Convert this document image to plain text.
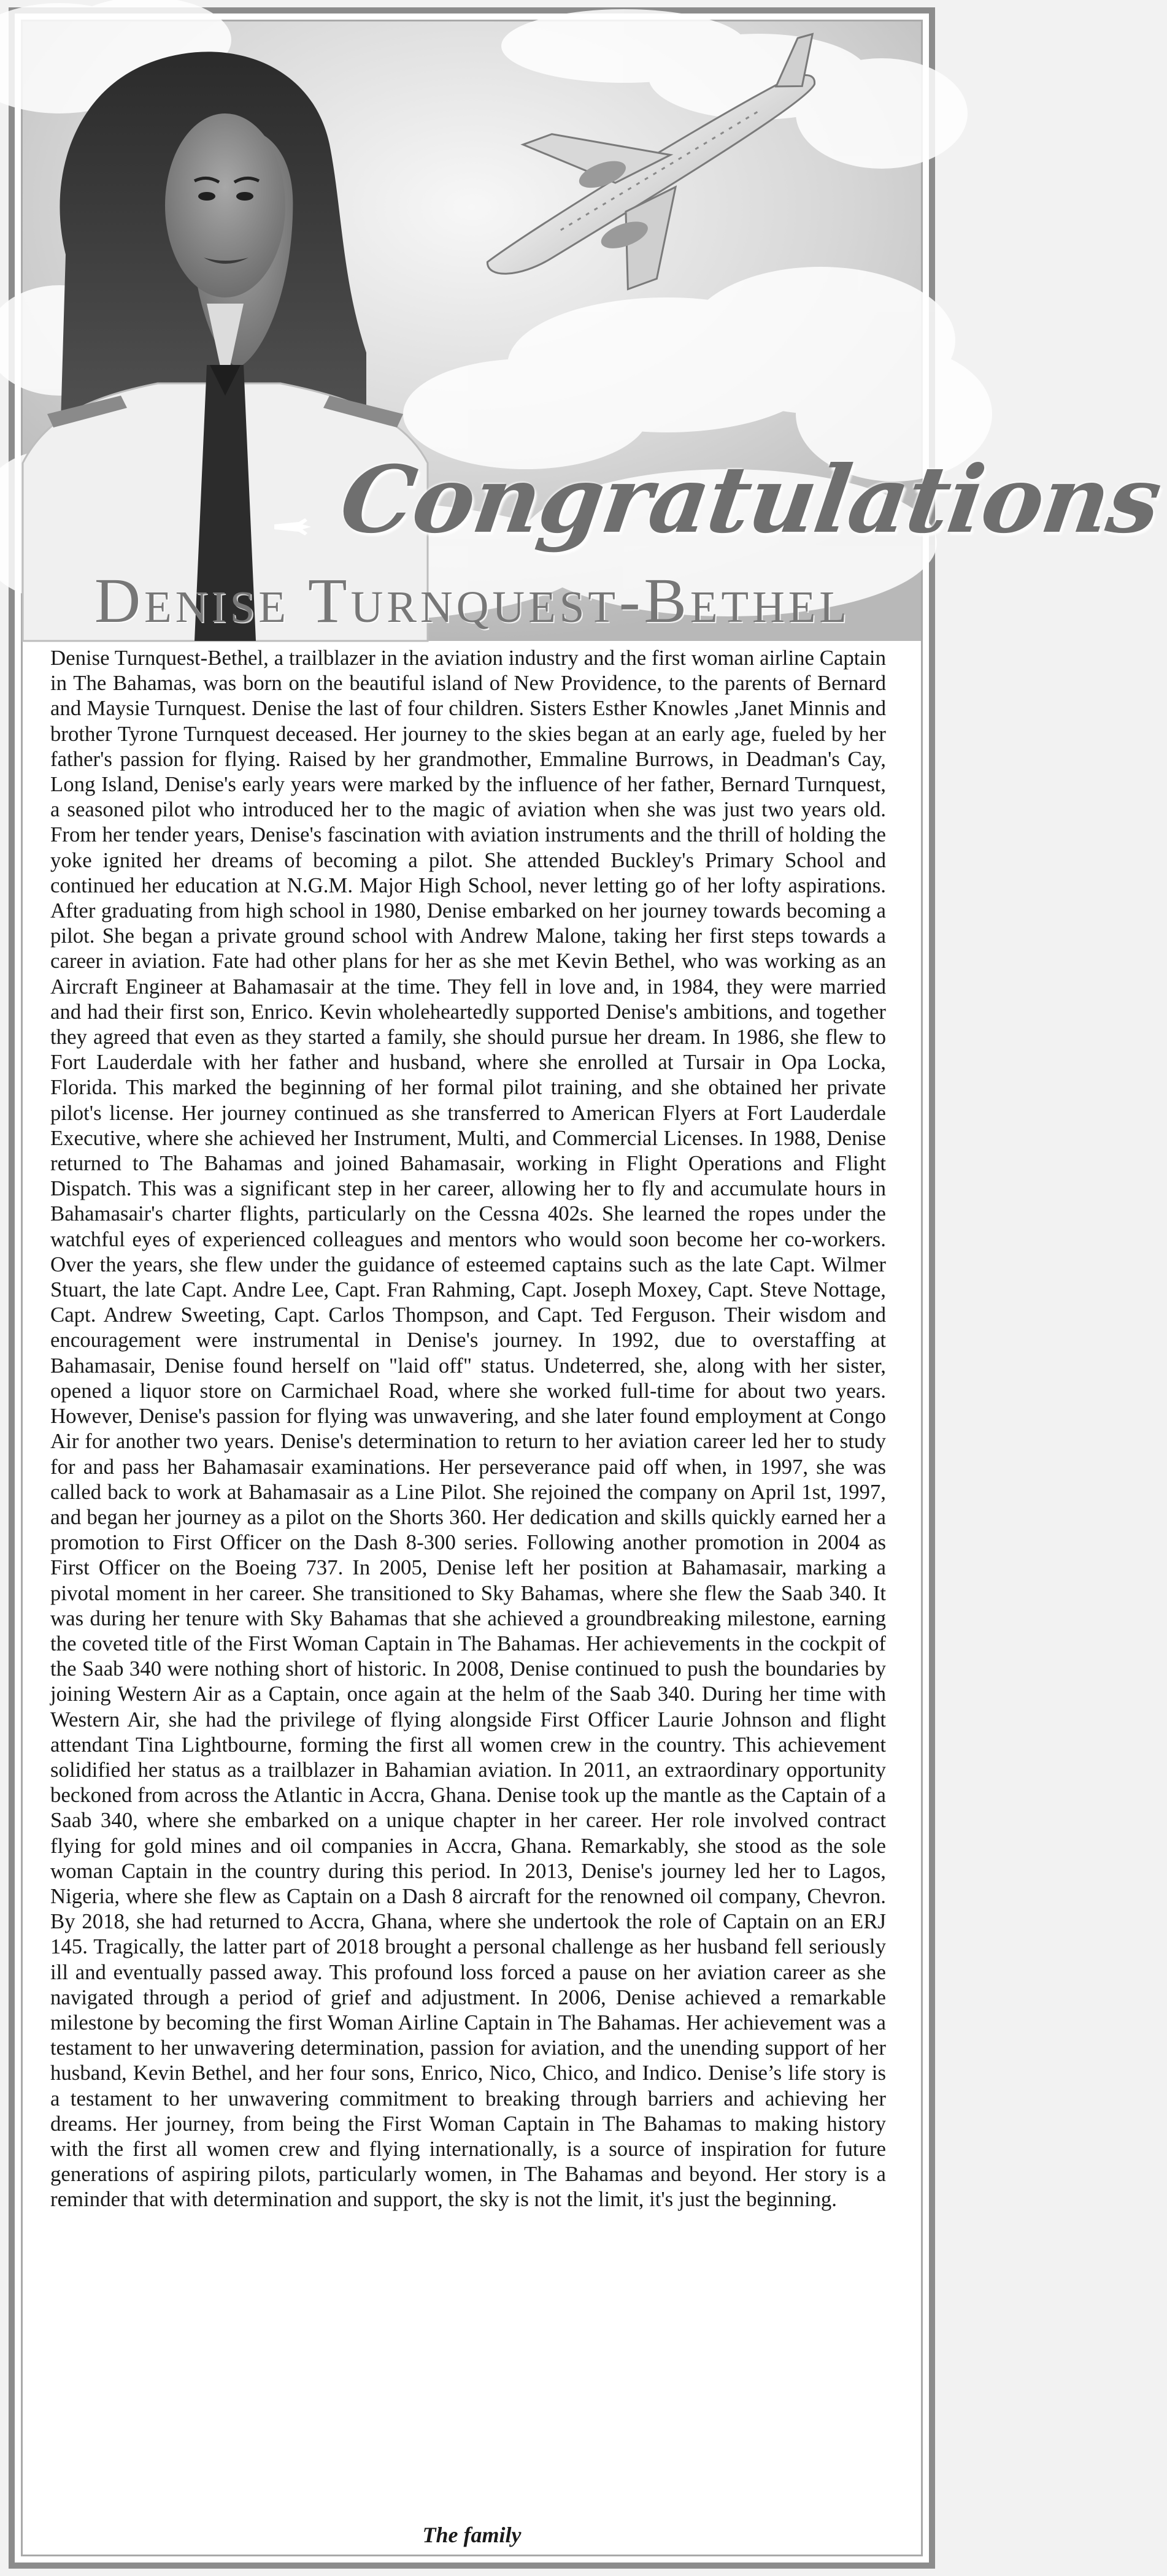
Congratulations
Denise Turnquest-Bethel

Denise Turnquest-Bethel, a trailblazer in the aviation industry and the first woman airline Captain in The Bahamas, was born on the beautiful island of New Providence, to the parents of Bernard and Maysie Turnquest. Denise the last of four children. Sisters Esther Knowles ,Janet Minnis and brother Tyrone Turnquest deceased. Her journey to the skies began at an early age, fueled by her father's passion for flying. Raised by her grandmother, Emmaline Burrows, in Deadman's Cay, Long Island, Denise's early years were marked by the influence of her father, Bernard Turnquest, a seasoned pilot who introduced her to the magic of aviation when she was just two years old. From her tender years, Denise's fascination with aviation instruments and the thrill of holding the yoke ignited her dreams of becoming a pilot. She attended Buckley's Primary School and continued her education at N.G.M. Major High School, never letting go of her lofty aspirations. After graduating from high school in 1980, Denise embarked on her journey towards becoming a pilot. She began a private ground school with Andrew Malone, taking her first steps towards a career in aviation. Fate had other plans for her as she met Kevin Bethel, who was working as an Aircraft Engineer at Bahamasair at the time. They fell in love and, in 1984, they were married and had their first son, Enrico. Kevin wholeheartedly supported Denise's ambitions, and together they agreed that even as they started a family, she should pursue her dream. In 1986, she flew to Fort Lauderdale with her father and husband, where she enrolled at Tursair in Opa Locka, Florida. This marked the beginning of her formal pilot training, and she obtained her private pilot's license. Her journey continued as she transferred to American Flyers at Fort Lauderdale Executive, where she achieved her Instrument, Multi, and Commercial Licenses. In 1988, Denise returned to The Bahamas and joined Bahamasair, working in Flight Operations and Flight Dispatch. This was a significant step in her career, allowing her to fly and accumulate hours in Bahamasair's charter flights, particularly on the Cessna 402s. She learned the ropes under the watchful eyes of experienced colleagues and mentors who would soon become her co-workers. Over the years, she flew under the guidance of esteemed captains such as the late Capt. Wilmer Stuart, the late Capt. Andre Lee, Capt. Fran Rahming, Capt. Joseph Moxey, Capt. Steve Nottage, Capt. Andrew Sweeting, Capt. Carlos Thompson, and Capt. Ted Ferguson. Their wisdom and encouragement were instrumental in Denise's journey. In 1992, due to overstaffing at Bahamasair, Denise found herself on "laid off" status. Undeterred, she, along with her sister, opened a liquor store on Carmichael Road, where she worked full-time for about two years. However, Denise's passion for flying was unwavering, and she later found employment at Congo Air for another two years. Denise's determination to return to her aviation career led her to study for and pass her Bahamasair examinations. Her perseverance paid off when, in 1997, she was called back to work at Bahamasair as a Line Pilot. She rejoined the company on April 1st, 1997, and began her journey as a pilot on the Shorts 360. Her dedication and skills quickly earned her a promotion to First Officer on the Dash 8-300 series. Following another promotion in 2004 as First Officer on the Boeing 737. In 2005, Denise left her position at Bahamasair, marking a pivotal moment in her career. She transitioned to Sky Bahamas, where she flew the Saab 340. It was during her tenure with Sky Bahamas that she achieved a groundbreaking milestone, earning the coveted title of the First Woman Captain in The Bahamas. Her achievements in the cockpit of the Saab 340 were nothing short of historic. In 2008, Denise continued to push the boundaries by joining Western Air as a Captain, once again at the helm of the Saab 340. During her time with Western Air, she had the privilege of flying alongside First Officer Laurie Johnson and flight attendant Tina Lightbourne, forming the first all women crew in the country. This achievement solidified her status as a trailblazer in Bahamian aviation. In 2011, an extraordinary opportunity beckoned from across the Atlantic in Accra, Ghana. Denise took up the mantle as the Captain of a Saab 340, where she embarked on a unique chapter in her career. Her role involved contract flying for gold mines and oil companies in Accra, Ghana. Remarkably, she stood as the sole woman Captain in the country during this period. In 2013, Denise's journey led her to Lagos, Nigeria, where she flew as Captain on a Dash 8 aircraft for the renowned oil company, Chevron. By 2018, she had returned to Accra, Ghana, where she undertook the role of Captain on an ERJ 145. Tragically, the latter part of 2018 brought a personal challenge as her husband fell seriously ill and eventually passed away. This profound loss forced a pause on her aviation career as she navigated through a period of grief and adjustment. In 2006, Denise achieved a remarkable milestone by becoming the first Woman Airline Captain in The Bahamas. Her achievement was a testament to her unwavering determination, passion for aviation, and the unending support of her husband, Kevin Bethel, and her four sons, Enrico, Nico, Chico, and Indico. Denise’s life story is a testament to her unwavering commitment to breaking through barriers and achieving her dreams. Her journey, from being the First Woman Captain in The Bahamas to making history with the first all women crew and flying internationally, is a source of inspiration for future generations of aspiring pilots, particularly women, in The Bahamas and beyond. Her story is a reminder that with determination and support, the sky is not the limit, it's just the beginning.

The family
